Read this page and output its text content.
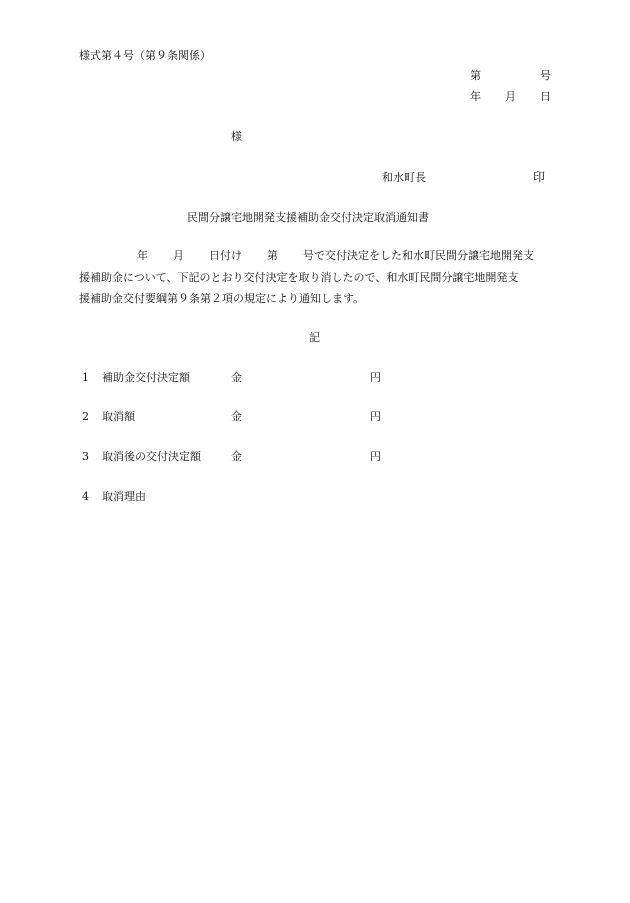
様式第４号（第９条関係）
第	号
年 月 日
様
和水町長	印
民間分譲宅地開発支援補助金交付決定取消通知書
年 月 日付け 第 号で交付決定をした和水町民間分譲宅地開発支
援補助金について、下記のとおり交付決定を取り消したので、和水町民間分譲宅地開発支
援補助金交付要綱第９条第２項の規定により通知します。
記
1 補助金交付決定額	金	円
2 取消額	金	円
3 取消後の交付決定額	金	円
4 取消理由
